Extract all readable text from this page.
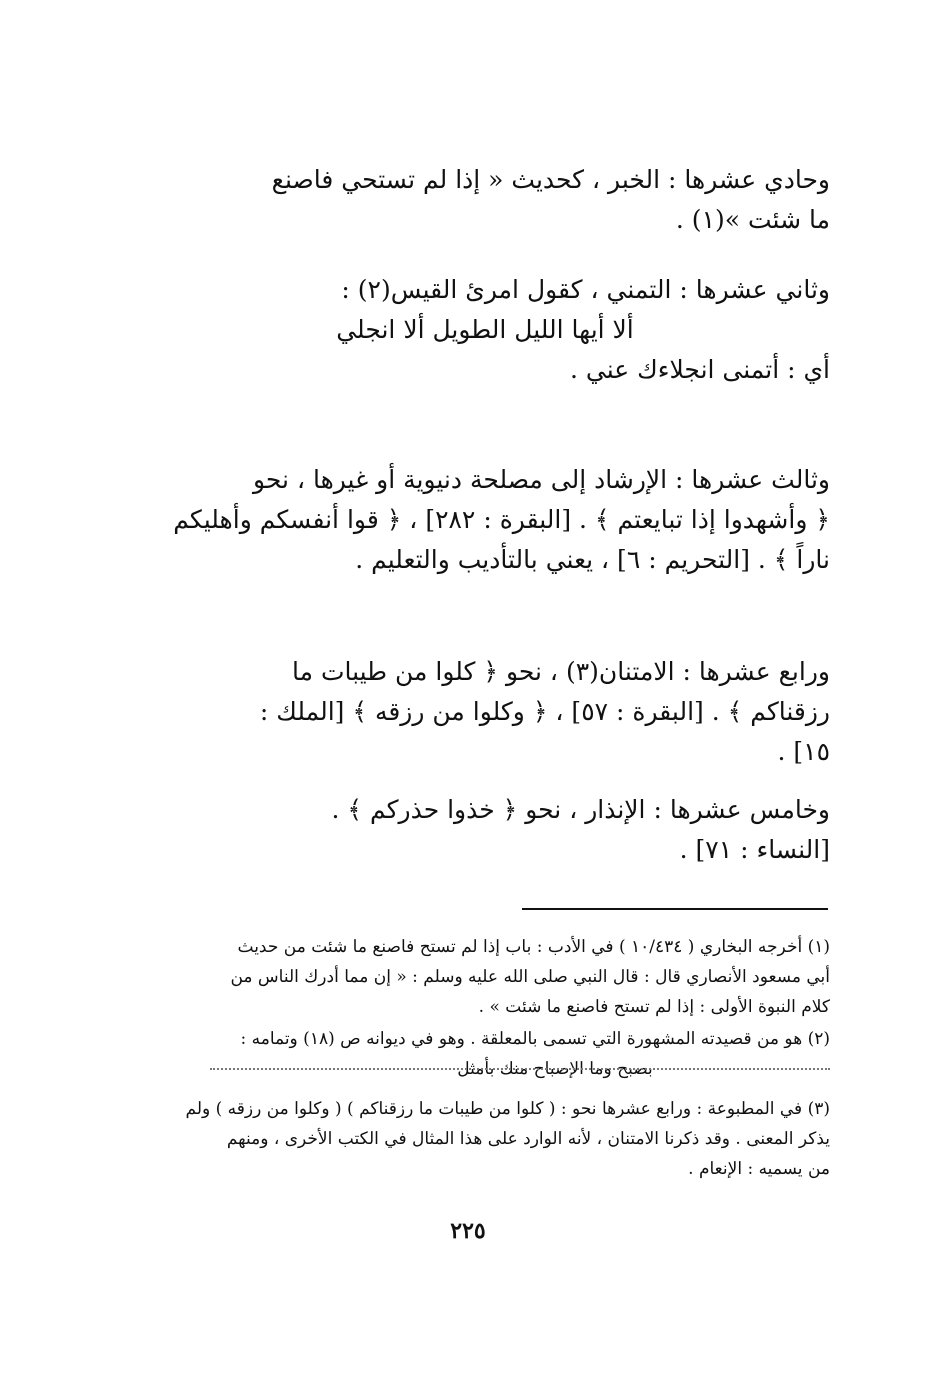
وحادي عشرها : الخبر ، كحديث « إذا لم تستحي فاصنع

ما شئت »(١) .

وثاني عشرها : التمني ، كقول امرئ القيس(٢) :

ألا أيها الليل الطويل ألا انجلي

أي : أتمنى انجلاءك عني .

وثالث عشرها : الإرشاد إلى مصلحة دنيوية أو غيرها ، نحو

﴿ وأشهدوا إذا تبايعتم ﴾ . [البقرة : ٢٨٢] ، ﴿ قوا أنفسكم وأهليكم

ناراً ﴾ . [التحريم : ٦] ، يعني بالتأديب والتعليم .

ورابع عشرها : الامتنان(٣) ، نحو ﴿ كلوا من طيبات ما

رزقناكم ﴾ . [البقرة : ٥٧] ، ﴿ وكلوا من رزقه ﴾ [الملك :

١٥] .

وخامس عشرها : الإنذار ، نحو ﴿ خذوا حذركم ﴾ .

[النساء : ٧١] .

(١) أخرجه البخاري ( ١٠/٤٣٤ ) في الأدب : باب إذا لم تستح فاصنع ما شئت من حديث

أبي مسعود الأنصاري قال : قال النبي صلى الله عليه وسلم : « إن مما أدرك الناس من

كلام النبوة الأولى : إذا لم تستح فاصنع ما شئت » .

(٢) هو من قصيدته المشهورة التي تسمى بالمعلقة . وهو في ديوانه ص (١٨) وتمامه :

بصبح وما الإصباح منك بأمثل

(٣) في المطبوعة : ورابع عشرها نحو : ( كلوا من طيبات ما رزقناكم ) ( وكلوا من رزقه ) ولم

يذكر المعنى . وقد ذكرنا الامتنان ، لأنه الوارد على هذا المثال في الكتب الأخرى ، ومنهم

من يسميه : الإنعام .

٢٢٥
